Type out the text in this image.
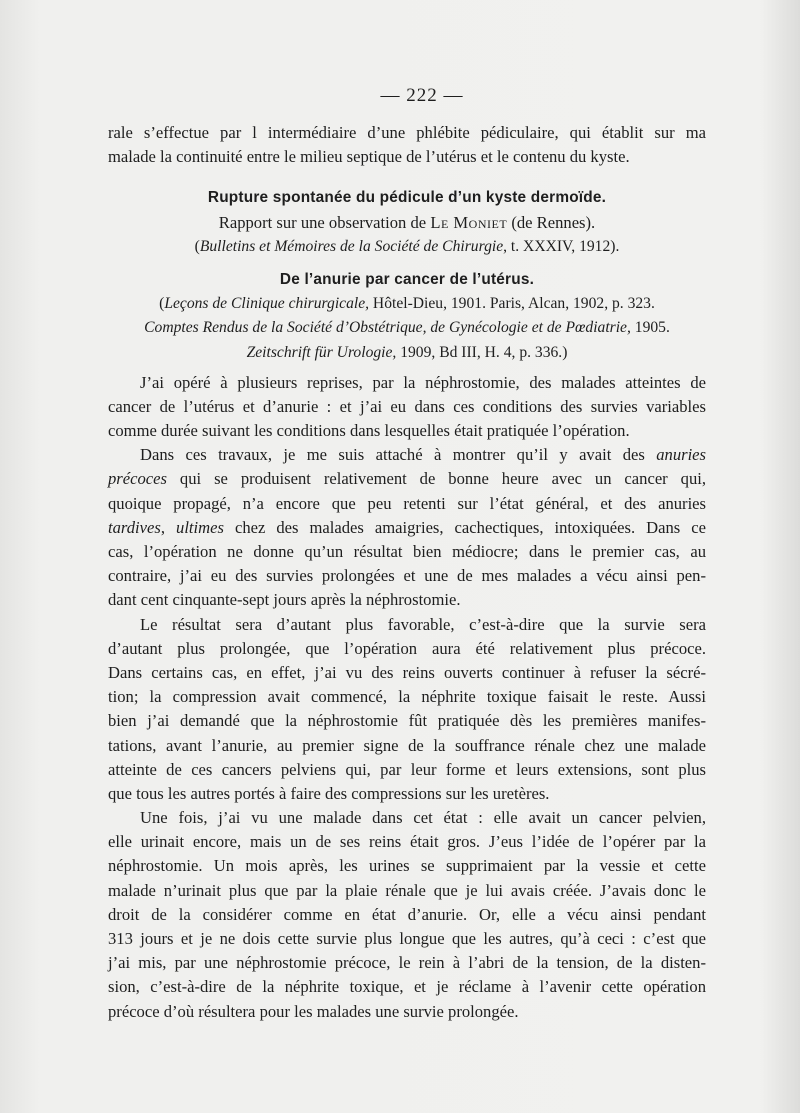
— 222 —
rale s’effectue par l intermédiaire d’une phlébite pédiculaire, qui établit sur ma
malade la continuité entre le milieu septique de l’utérus et le contenu du kyste.
Rupture spontanée du pédicule d’un kyste dermoïde.
Rapport sur une observation de Le Moniet (de Rennes).
(Bulletins et Mémoires de la Société de Chirurgie, t. XXXIV, 1912).
De l’anurie par cancer de l’utérus.
(Leçons de Clinique chirurgicale, Hôtel-Dieu, 1901. Paris, Alcan, 1902, p. 323.
Comptes Rendus de la Société d’Obstétrique, de Gynécologie et de Pœdiatrie, 1905.
Zeitschrift für Urologie, 1909, Bd III, H. 4, p. 336.)
J’ai opéré à plusieurs reprises, par la néphrostomie, des malades atteintes de
cancer de l’utérus et d’anurie : et j’ai eu dans ces conditions des survies variables
comme durée suivant les conditions dans lesquelles était pratiquée l’opération.
Dans ces travaux, je me suis attaché à montrer qu’il y avait des anuries
précoces qui se produisent relativement de bonne heure avec un cancer qui,
quoique propagé, n’a encore que peu retenti sur l’état général, et des anuries
tardives, ultimes chez des malades amaigries, cachectiques, intoxiquées. Dans ce
cas, l’opération ne donne qu’un résultat bien médiocre; dans le premier cas, au
contraire, j’ai eu des survies prolongées et une de mes malades a vécu ainsi pen-
dant cent cinquante-sept jours après la néphrostomie.
Le résultat sera d’autant plus favorable, c’est-à-dire que la survie sera
d’autant plus prolongée, que l’opération aura été relativement plus précoce.
Dans certains cas, en effet, j’ai vu des reins ouverts continuer à refuser la sécré-
tion; la compression avait commencé, la néphrite toxique faisait le reste. Aussi
bien j’ai demandé que la néphrostomie fût pratiquée dès les premières manifes-
tations, avant l’anurie, au premier signe de la souffrance rénale chez une malade
atteinte de ces cancers pelviens qui, par leur forme et leurs extensions, sont plus
que tous les autres portés à faire des compressions sur les uretères.
Une fois, j’ai vu une malade dans cet état : elle avait un cancer pelvien,
elle urinait encore, mais un de ses reins était gros. J’eus l’idée de l’opérer par la
néphrostomie. Un mois après, les urines se supprimaient par la vessie et cette
malade n’urinait plus que par la plaie rénale que je lui avais créée. J’avais donc le
droit de la considérer comme en état d’anurie. Or, elle a vécu ainsi pendant
313 jours et je ne dois cette survie plus longue que les autres, qu’à ceci : c’est que
j’ai mis, par une néphrostomie précoce, le rein à l’abri de la tension, de la disten-
sion, c’est-à-dire de la néphrite toxique, et je réclame à l’avenir cette opération
précoce d’où résultera pour les malades une survie prolongée.
